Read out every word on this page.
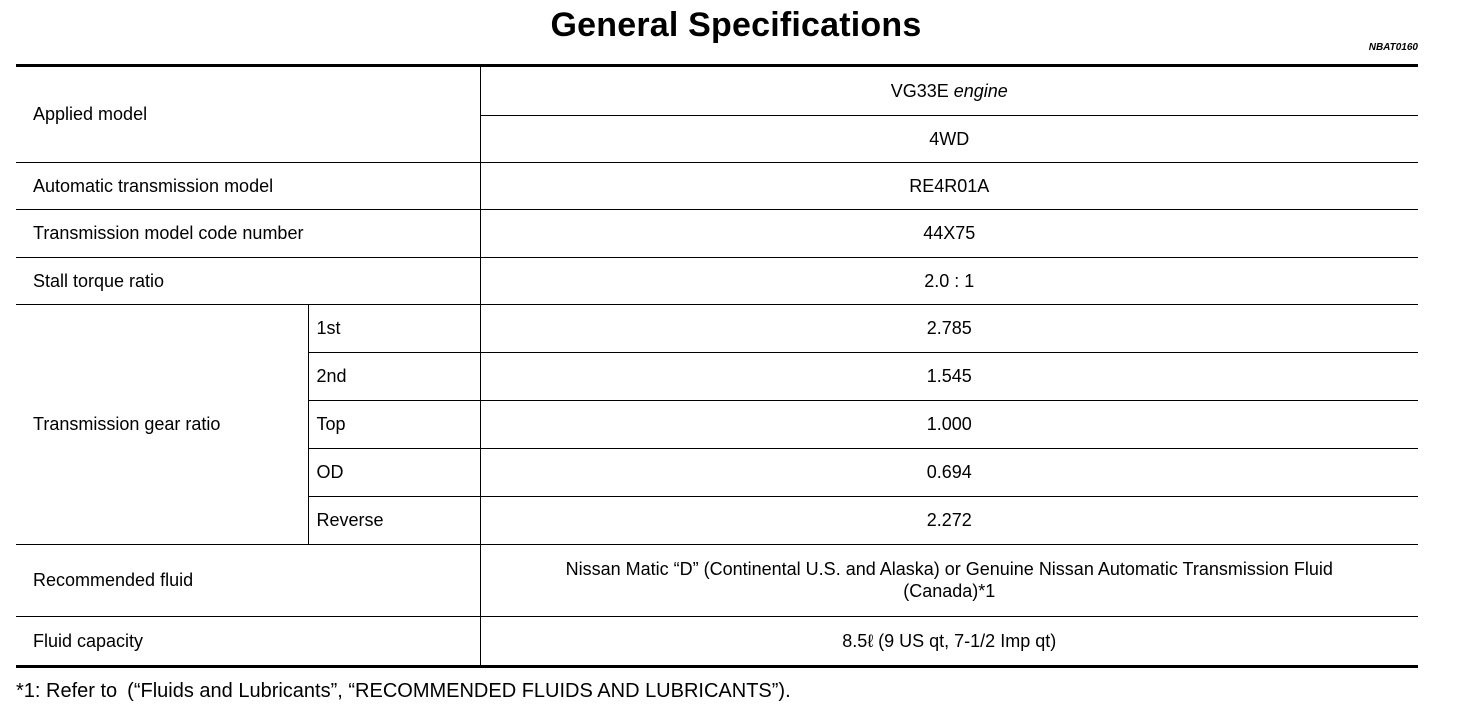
General Specifications
NBAT0160
Applied model		VG33E engine
		4WD
Automatic transmission model		RE4R01A
Transmission model code number		44X75
Stall torque ratio		2.0 : 1
Transmission gear ratio	1st	2.785
	2nd	1.545
	Top	1.000
	OD	0.694
	Reverse	2.272
Recommended fluid		Nissan Matic “D” (Continental U.S. and Alaska) or Genuine Nissan Automatic Transmission Fluid
(Canada)*1
Fluid capacity		8.5ℓ (9 US qt, 7-1/2 Imp qt)
*1: Refer to (“Fluids and Lubricants”, “RECOMMENDED FLUIDS AND LUBRICANTS”).
